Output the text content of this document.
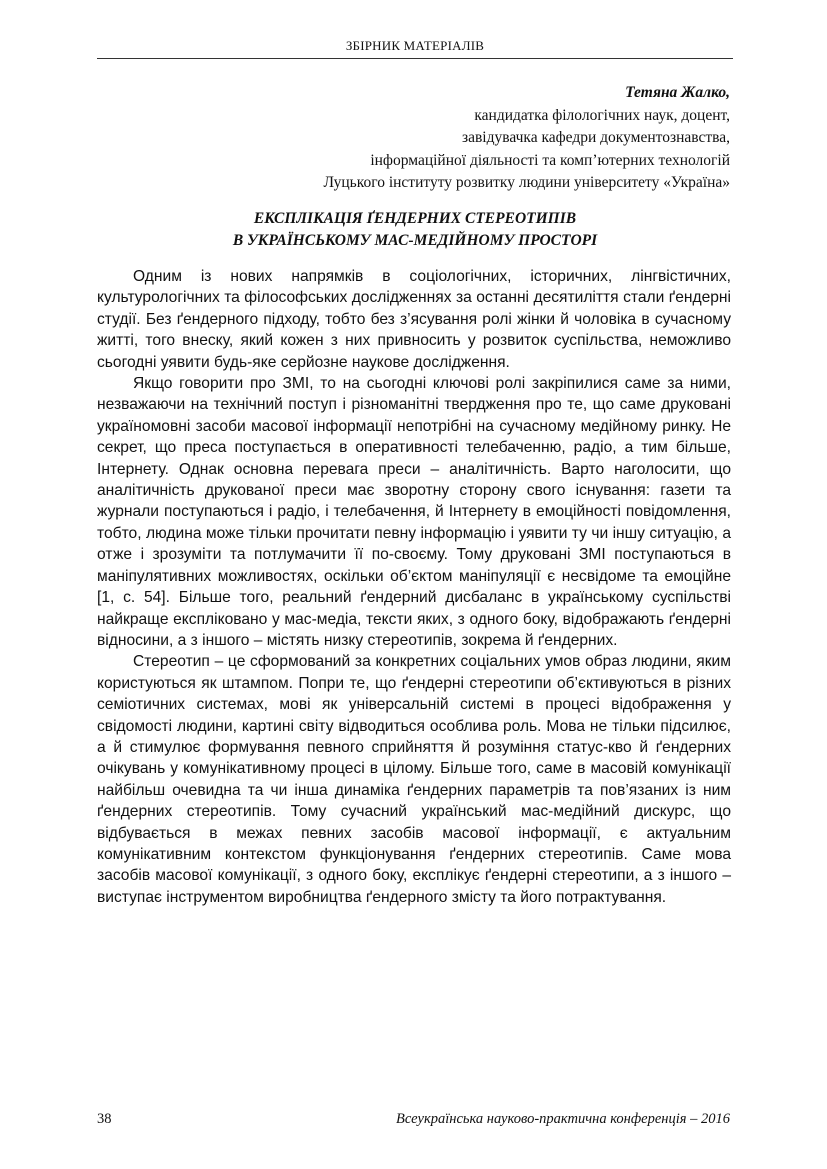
ЗБІРНИК МАТЕРІАЛІВ
Тетяна Жалко,
кандидатка філологічних наук, доцент,
завідувачка кафедри документознавства,
інформаційної діяльності та комп’ютерних технологій
Луцького інституту розвитку людини університету «Україна»
ЕКСПЛІКАЦІЯ ҐЕНДЕРНИХ СТЕРЕОТИПІВ
В УКРАЇНСЬКОМУ МАС-МЕДІЙНОМУ ПРОСТОРІ

Одним із нових напрямків в соціологічних, історичних, лінгвістичних, культурологічних та філософських дослідженнях за останні десятиліття стали ґендерні студії. Без ґендерного підходу, тобто без з’ясування ролі жінки й чоловіка в сучасному житті, того внеску, який кожен з них привносить у розвиток суспільства, неможливо сьогодні уявити будь-яке серйозне наукове дослідження.

Якщо говорити про ЗМІ, то на сьогодні ключові ролі закріпилися саме за ними, незважаючи на технічний поступ і різноманітні твердження про те, що саме друковані україномовні засоби масової інформації непотрібні на сучасному медійному ринку. Не секрет, що преса поступається в оперативності телебаченню, радіо, а тим більше, Інтернету. Однак основна перевага преси – аналітичність. Варто наголосити, що аналітичність друкованої преси має зворотну сторону свого існування: газети та журнали поступаються і радіо, і телебачення, й Інтернету в емоційності повідомлення, тобто, людина може тільки прочитати певну інформацію і уявити ту чи іншу ситуацію, а отже і зрозуміти та потлумачити її по-своєму. Тому друковані ЗМІ поступаються в маніпулятивних можливостях, оскільки об’єктом маніпуляції є несвідоме та емоційне [1, с. 54]. Більше того, реальний ґендерний дисбаланс в українському суспільстві найкраще експліковано у мас-медіа, тексти яких, з одного боку, відображають ґендерні відносини, а з іншого – містять низку стереотипів, зокрема й ґендерних.

Стереотип – це сформований за конкретних соціальних умов образ людини, яким користуються як штампом. Попри те, що ґендерні стереотипи об’єктивуються в різних семіотичних системах, мові як універсальній системі в процесі відображення у свідомості людини, картині світу відводиться особлива роль. Мова не тільки підсилює, а й стимулює формування певного сприйняття й розуміння статус-кво й ґендерних очікувань у комунікативному процесі в цілому. Більше того, саме в масовій комунікації найбільш очевидна та чи інша динаміка ґендерних параметрів та пов’язаних із ним ґендерних стереотипів. Тому сучасний український мас-медійний дискурс, що відбувається в межах певних засобів масової інформації, є актуальним комунікативним контекстом функціонування ґендерних стереотипів. Саме мова засобів масової комунікації, з одного боку, експлікує ґендерні стереотипи, а з іншого – виступає інструментом виробництва ґендерного змісту та його потрактування.

38	Всеукраїнська науково-практична конференція – 2016
